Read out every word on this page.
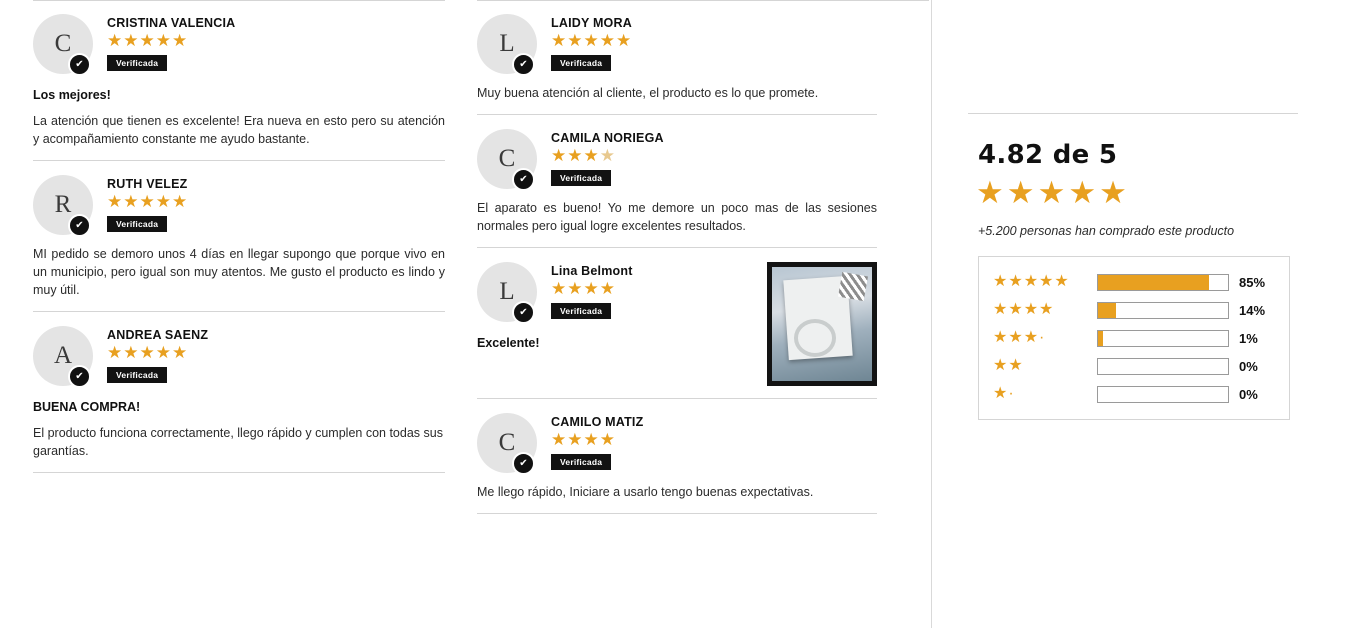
C
✔
CRISTINA VALENCIA
★★★★★
Verificada
Los mejores!
La atención que tienen es excelente! Era nueva en esto pero su atención y acompañamiento constante me ayudo bastante.
R
✔
RUTH VELEZ
★★★★★
Verificada
MI pedido se demoro unos 4 días en llegar supongo que porque vivo en un municipio, pero igual son muy atentos. Me gusto el producto es lindo y muy útil.
A
✔
ANDREA SAENZ
★★★★★
Verificada
BUENA COMPRA!
El producto funciona correctamente, llego rápido y cumplen con todas sus garantías.
L
✔
LAIDY MORA
★★★★★
Verificada
Muy buena atención al cliente, el producto es lo que promete.
C
✔
CAMILA NORIEGA
★★★★
Verificada
El aparato es bueno! Yo me demore un poco mas de las sesiones normales pero igual logre excelentes resultados.
L
✔
Lina Belmont
★★★★
Verificada
Excelente!
C
✔
CAMILO MATIZ
★★★★
Verificada
Me llego rápido, Iniciare a usarlo tengo buenas expectativas.
4.82 de 5
★★★★★
+5.200 personas han comprado este producto
★★★★★	85%
★★★★	14%
★★★·	1%
★★	0%
★·	0%
